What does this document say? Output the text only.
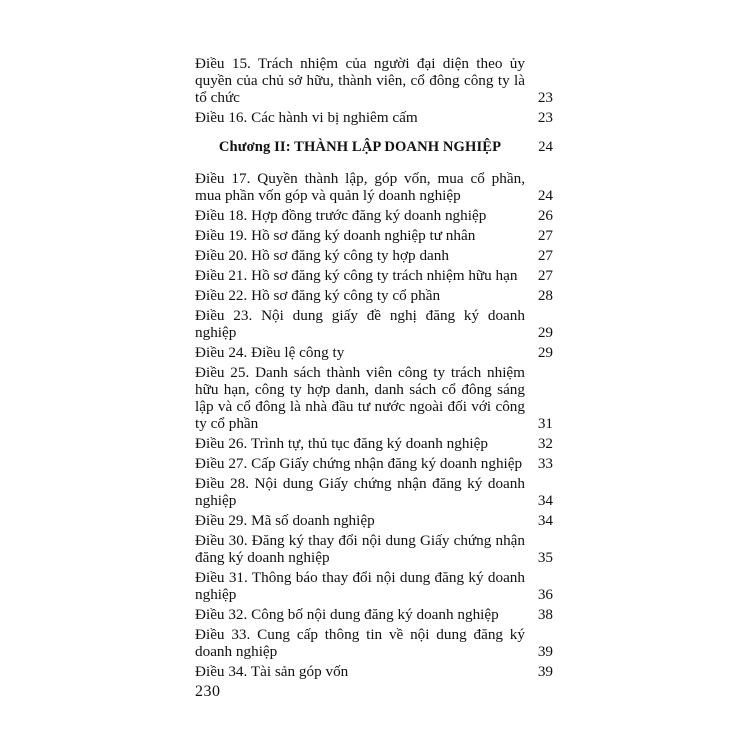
Điều 15. Trách nhiệm của người đại diện theo ủy quyền của chủ sở hữu, thành viên, cổ đông công ty là tổ chức	23
Điều 16. Các hành vi bị nghiêm cấm	23
Chương II: THÀNH LẬP DOANH NGHIỆP	24
Điều 17. Quyền thành lập, góp vốn, mua cổ phần, mua phần vốn góp và quản lý doanh nghiệp	24
Điều 18. Hợp đồng trước đăng ký doanh nghiệp	26
Điều 19. Hồ sơ đăng ký doanh nghiệp tư nhân	27
Điều 20. Hồ sơ đăng ký công ty hợp danh	27
Điều 21. Hồ sơ đăng ký công ty trách nhiệm hữu hạn	27
Điều 22. Hồ sơ đăng ký công ty cổ phần	28
Điều 23. Nội dung giấy đề nghị đăng ký doanh nghiệp	29
Điều 24. Điều lệ công ty	29
Điều 25. Danh sách thành viên công ty trách nhiệm hữu hạn, công ty hợp danh, danh sách cổ đông sáng lập và cổ đông là nhà đầu tư nước ngoài đối với công ty cổ phần	31
Điều 26. Trình tự, thủ tục đăng ký doanh nghiệp	32
Điều 27. Cấp Giấy chứng nhận đăng ký doanh nghiệp	33
Điều 28. Nội dung Giấy chứng nhận đăng ký doanh nghiệp	34
Điều 29. Mã số doanh nghiệp	34
Điều 30. Đăng ký thay đổi nội dung Giấy chứng nhận đăng ký doanh nghiệp	35
Điều 31. Thông báo thay đổi nội dung đăng ký doanh nghiệp	36
Điều 32. Công bố nội dung đăng ký doanh nghiệp	38
Điều 33. Cung cấp thông tin về nội dung đăng ký doanh nghiệp	39
Điều 34. Tài sản góp vốn	39
230
